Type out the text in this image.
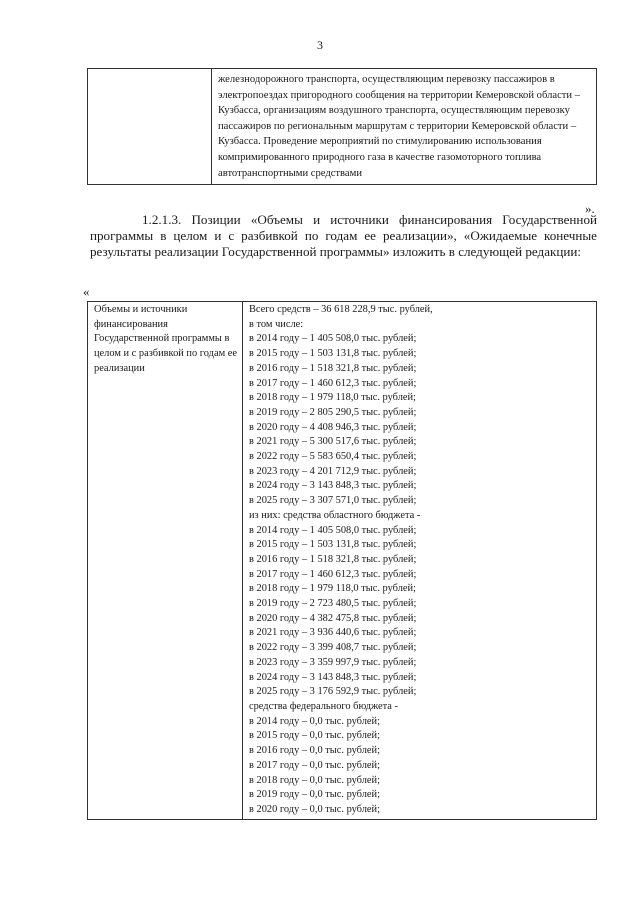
3
	железнодорожного транспорта, осуществляющим перевозку пассажиров в электропоездах пригородного сообщения на территории Кемеровской области – Кузбасса, организациям воздушного транспорта, осуществляющим перевозку пассажиров по региональным маршрутам с территории Кемеровской области – Кузбасса. Проведение мероприятий по стимулированию использования компримированного природного газа в качестве газомоторного топлива автотранспортными средствами
».

1.2.1.3. Позиции «Объемы и источники финансирования Государственной программы в целом и с разбивкой по годам ее реализации», «Ожидаемые конечные результаты реализации Государственной программы» изложить в следующей редакции:

«
Объемы и источники финансирования Государственной программы в целом и с разбивкой по годам ее реализации	
Всего средств – 36 618 228,9 тыс. рублей,
в том числе:
в 2014 году – 1 405 508,0 тыс. рублей;
в 2015 году – 1 503 131,8 тыс. рублей;
в 2016 году – 1 518 321,8 тыс. рублей;
в 2017 году – 1 460 612,3 тыс. рублей;
в 2018 году – 1 979 118,0 тыс. рублей;
в 2019 году – 2 805 290,5 тыс. рублей;
в 2020 году – 4 408 946,3 тыс. рублей;
в 2021 году – 5 300 517,6 тыс. рублей;
в 2022 году – 5 583 650,4 тыс. рублей;
в 2023 году – 4 201 712,9 тыс. рублей;
в 2024 году – 3 143 848,3 тыс. рублей;
в 2025 году – 3 307 571,0 тыс. рублей;
из них: средства областного бюджета -
в 2014 году – 1 405 508,0 тыс. рублей;
в 2015 году – 1 503 131,8 тыс. рублей;
в 2016 году – 1 518 321,8 тыс. рублей;
в 2017 году – 1 460 612,3 тыс. рублей;
в 2018 году – 1 979 118,0 тыс. рублей;
в 2019 году – 2 723 480,5 тыс. рублей;
в 2020 году – 4 382 475,8 тыс. рублей;
в 2021 году – 3 936 440,6 тыс. рублей;
в 2022 году – 3 399 408,7 тыс. рублей;
в 2023 году – 3 359 997,9 тыс. рублей;
в 2024 году – 3 143 848,3 тыс. рублей;
в 2025 году – 3 176 592,9 тыс. рублей;
средства федерального бюджета -
в 2014 году – 0,0 тыс. рублей;
в 2015 году – 0,0 тыс. рублей;
в 2016 году – 0,0 тыс. рублей;
в 2017 году – 0,0 тыс. рублей;
в 2018 году – 0,0 тыс. рублей;
в 2019 году – 0,0 тыс. рублей;
в 2020 году – 0,0 тыс. рублей;
